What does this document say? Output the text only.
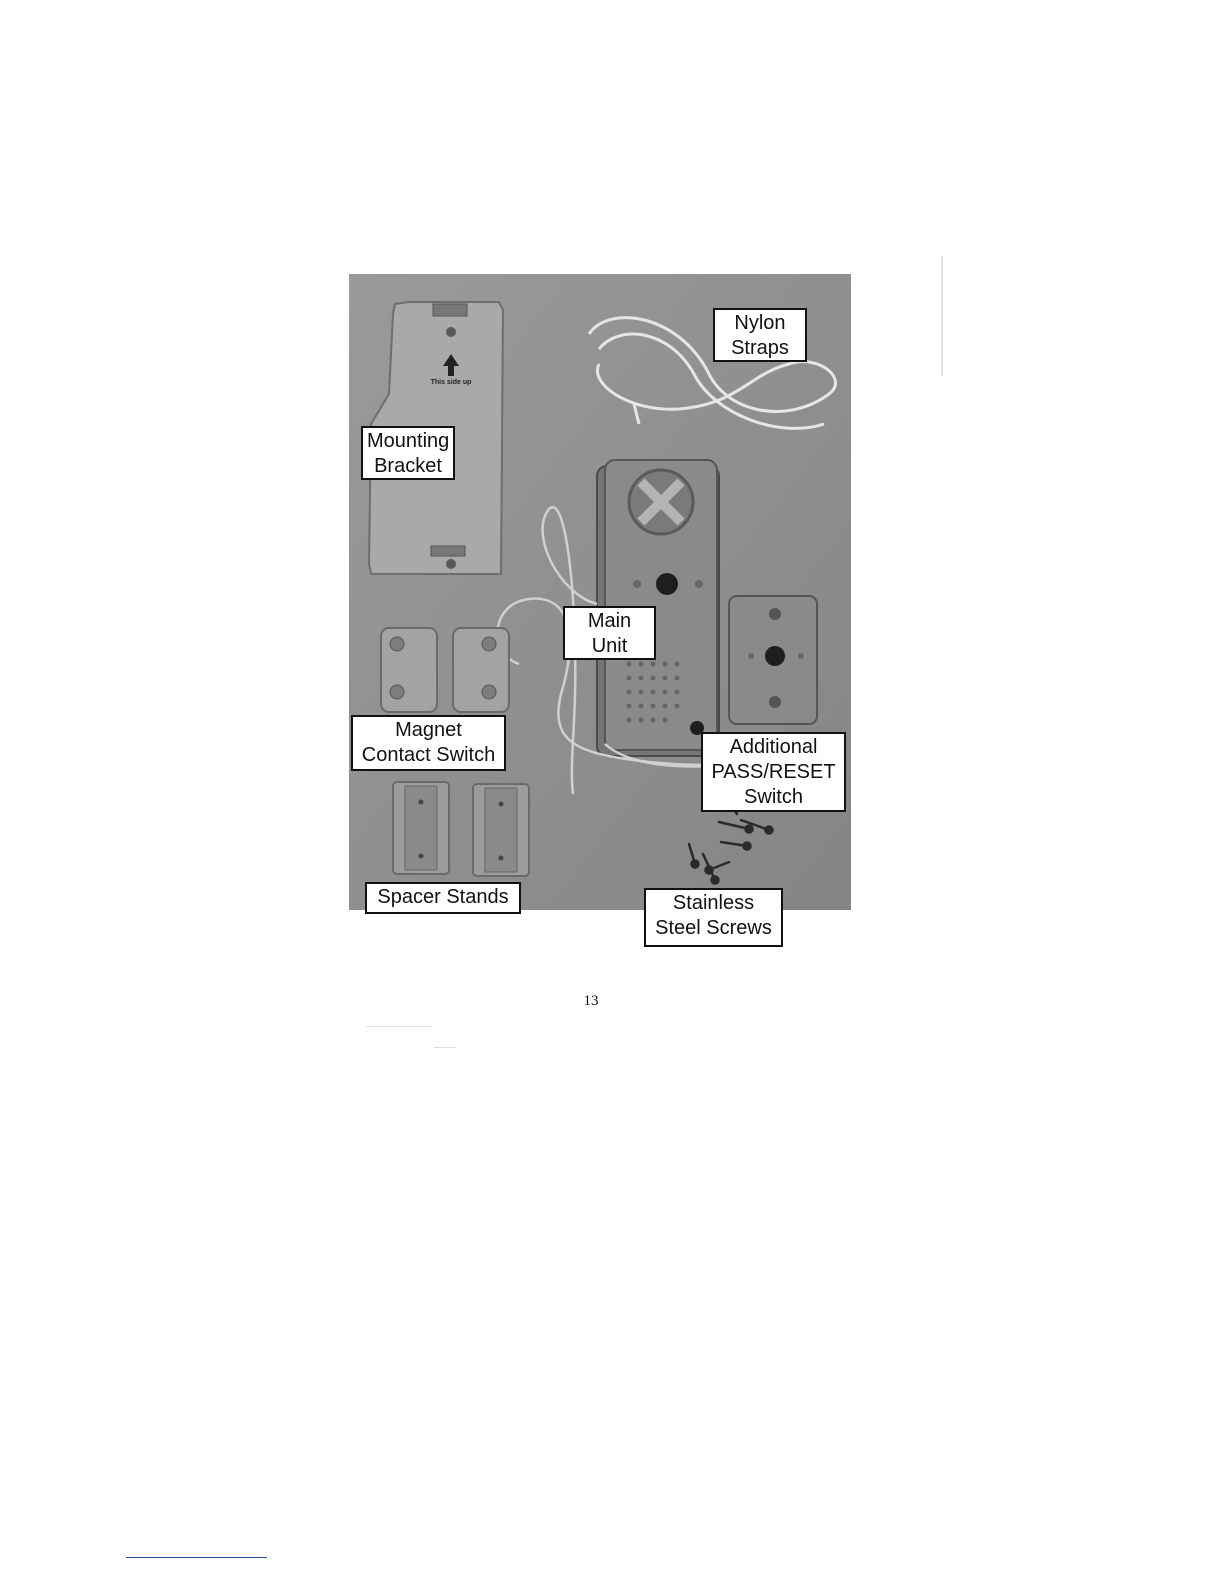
This side up
Nylon
Straps
Mounting
Bracket
Main
Unit
Magnet
Contact Switch	Additional
PASS/RESET
Switch
Spacer Stands	Stainless
Steel Screws
13
